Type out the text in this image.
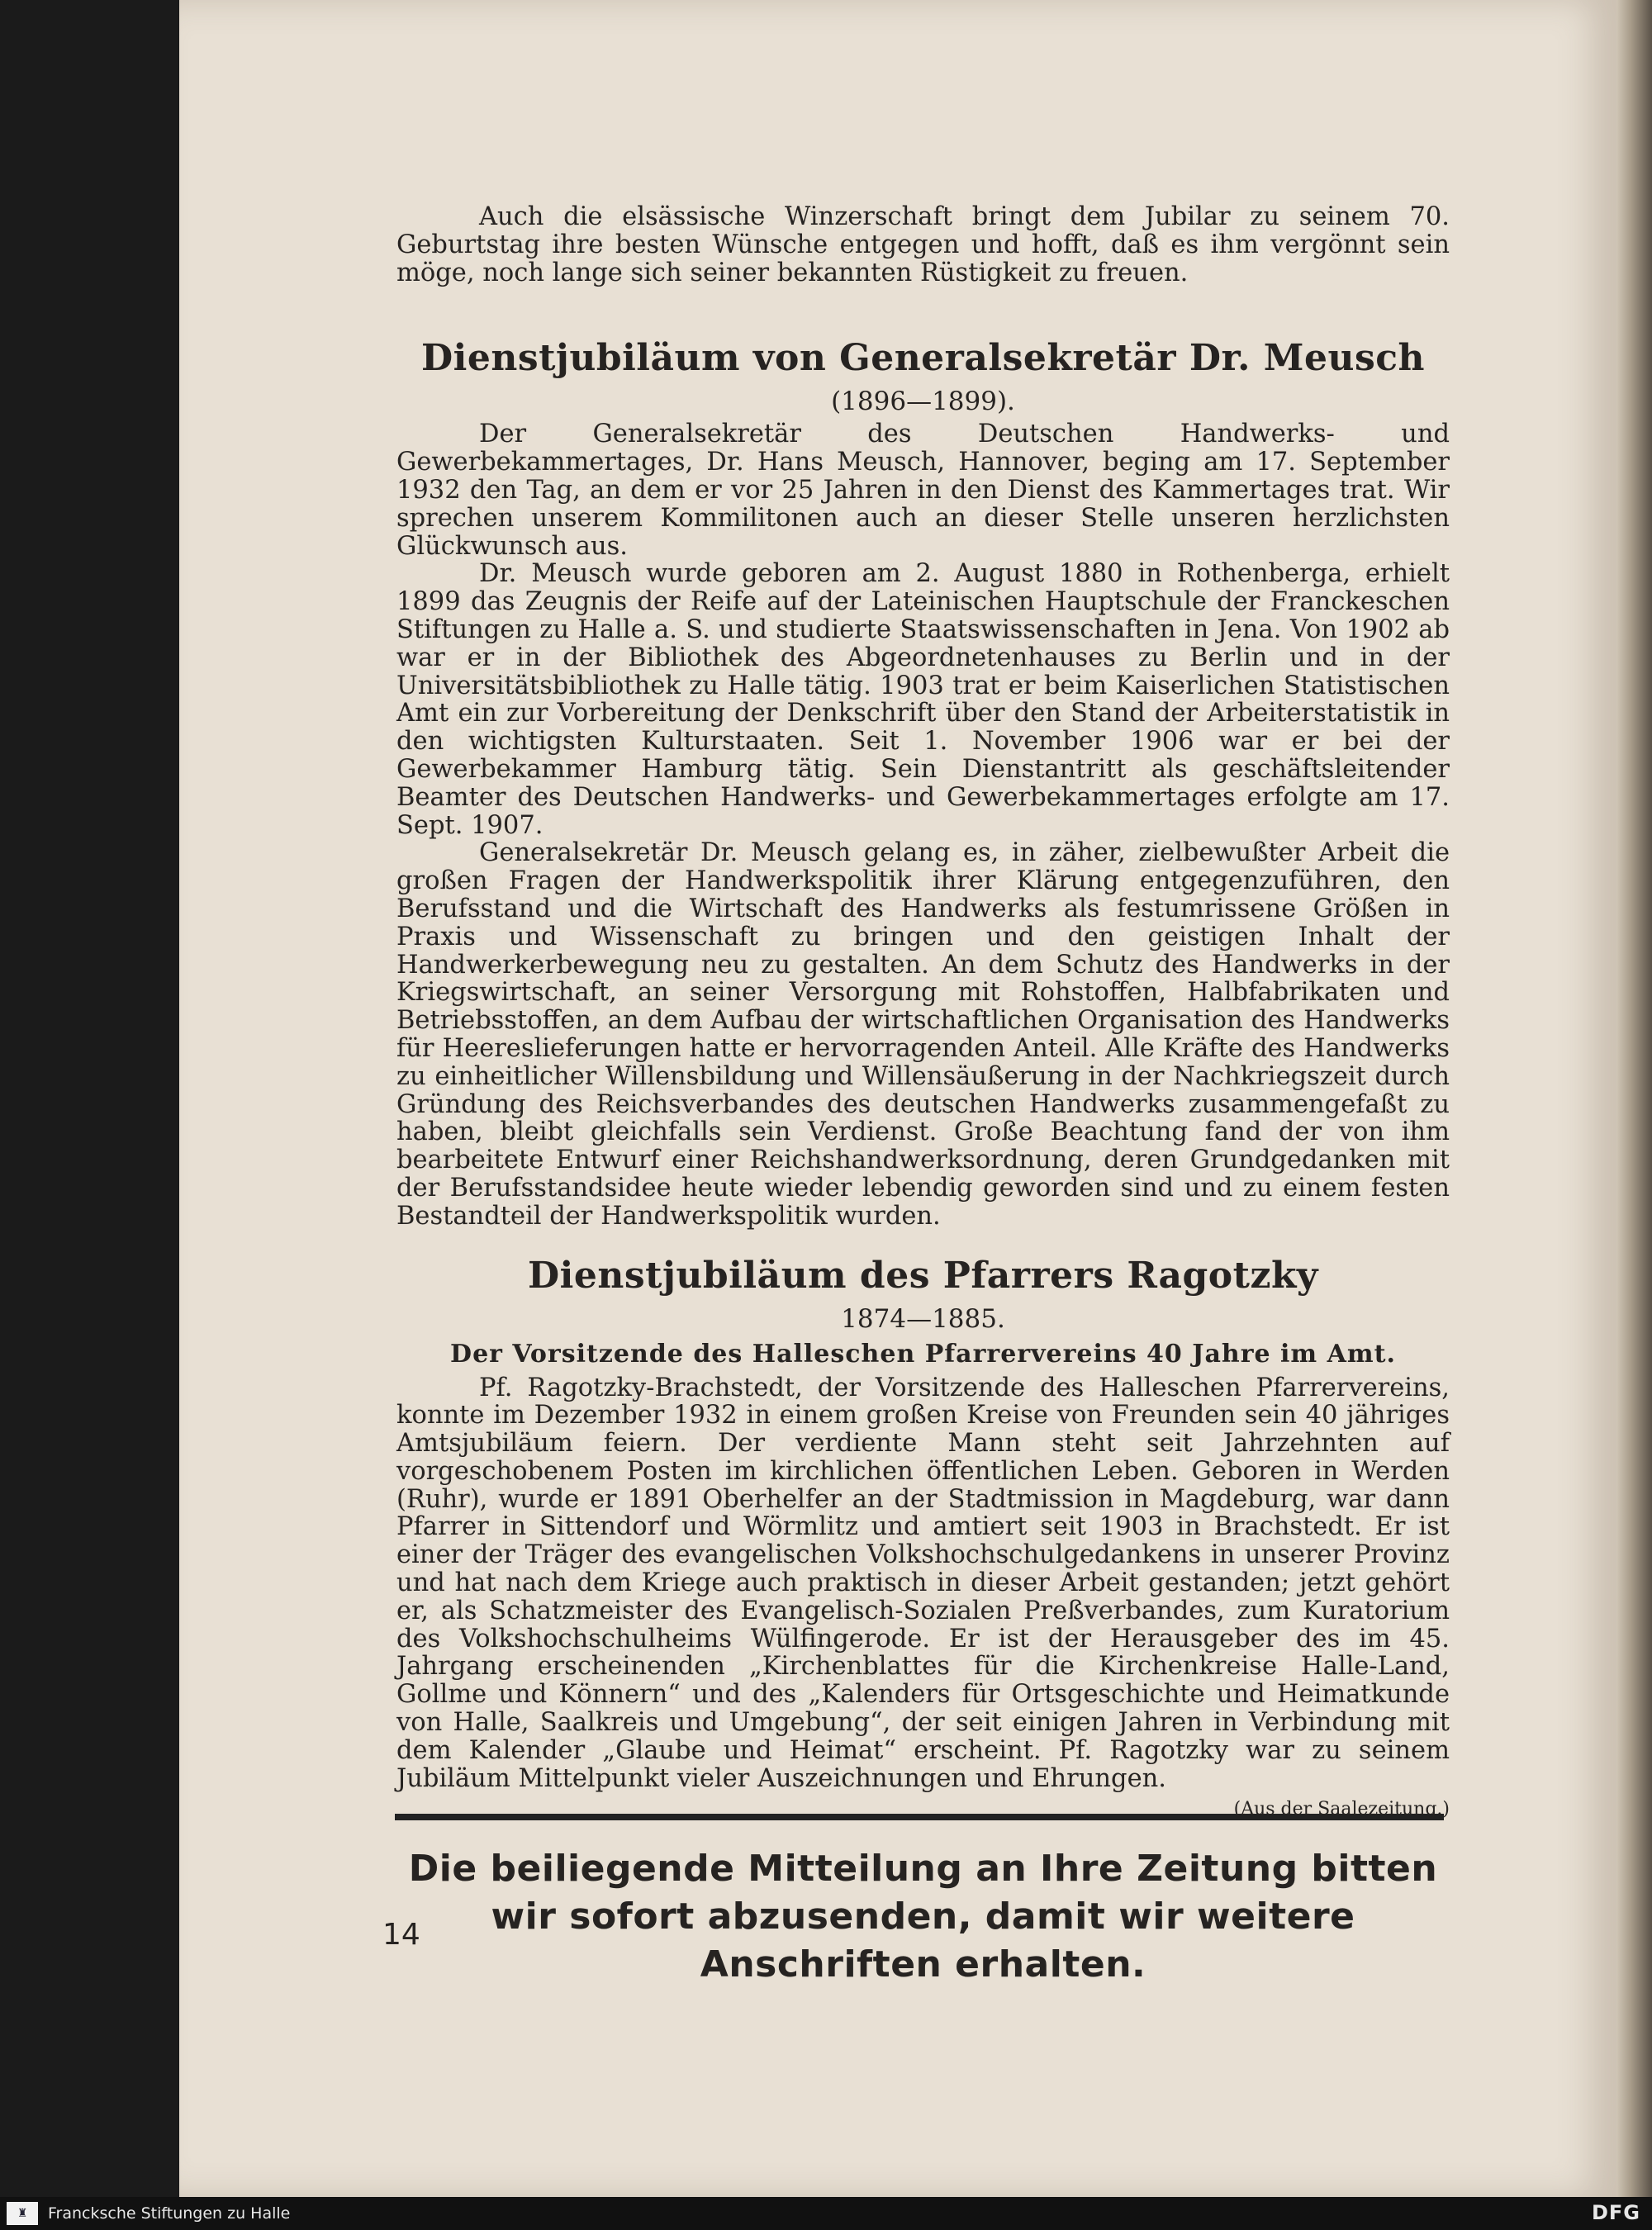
Auch die elsässische Winzerschaft bringt dem Jubilar zu seinem 70. Geburtstag ihre besten Wünsche entgegen und hofft, daß es ihm vergönnt sein möge, noch lange sich seiner bekannten Rüstigkeit zu freuen.

Dienstjubiläum von Generalsekretär Dr. Meusch
(1896—1899).

Der Generalsekretär des Deutschen Handwerks- und Gewerbekammertages, Dr. Hans Meusch, Hannover, beging am 17. September 1932 den Tag, an dem er vor 25 Jahren in den Dienst des Kammertages trat. Wir sprechen unserem Kommilitonen auch an dieser Stelle unseren herzlichsten Glückwunsch aus.

Dr. Meusch wurde geboren am 2. August 1880 in Rothenberga, erhielt 1899 das Zeugnis der Reife auf der Lateinischen Hauptschule der Franckeschen Stiftungen zu Halle a. S. und studierte Staatswissenschaften in Jena. Von 1902 ab war er in der Bibliothek des Abgeordnetenhauses zu Berlin und in der Universitätsbibliothek zu Halle tätig. 1903 trat er beim Kaiserlichen Statistischen Amt ein zur Vorbereitung der Denkschrift über den Stand der Arbeiterstatistik in den wichtigsten Kulturstaaten. Seit 1. November 1906 war er bei der Gewerbekammer Hamburg tätig. Sein Dienstantritt als geschäftsleitender Beamter des Deutschen Handwerks- und Gewerbekammertages erfolgte am 17. Sept. 1907.

Generalsekretär Dr. Meusch gelang es, in zäher, zielbewußter Arbeit die großen Fragen der Handwerkspolitik ihrer Klärung entgegenzuführen, den Berufsstand und die Wirtschaft des Handwerks als festumrissene Größen in Praxis und Wissenschaft zu bringen und den geistigen Inhalt der Handwerkerbewegung neu zu gestalten. An dem Schutz des Handwerks in der Kriegswirtschaft, an seiner Versorgung mit Rohstoffen, Halbfabrikaten und Betriebsstoffen, an dem Aufbau der wirtschaftlichen Organisation des Handwerks für Heereslieferungen hatte er hervorragenden Anteil. Alle Kräfte des Handwerks zu einheitlicher Willensbildung und Willensäußerung in der Nachkriegszeit durch Gründung des Reichsverbandes des deutschen Handwerks zusammengefaßt zu haben, bleibt gleichfalls sein Verdienst. Große Beachtung fand der von ihm bearbeitete Entwurf einer Reichshandwerksordnung, deren Grundgedanken mit der Berufsstandsidee heute wieder lebendig geworden sind und zu einem festen Bestandteil der Handwerkspolitik wurden.

Dienstjubiläum des Pfarrers Ragotzky
1874—1885.
Der Vorsitzende des Halleschen Pfarrervereins 40 Jahre im Amt.

Pf. Ragotzky-Brachstedt, der Vorsitzende des Halleschen Pfarrervereins, konnte im Dezember 1932 in einem großen Kreise von Freunden sein 40 jähriges Amtsjubiläum feiern. Der verdiente Mann steht seit Jahrzehnten auf vorgeschobenem Posten im kirchlichen öffentlichen Leben. Geboren in Werden (Ruhr), wurde er 1891 Oberhelfer an der Stadtmission in Magdeburg, war dann Pfarrer in Sittendorf und Wörmlitz und amtiert seit 1903 in Brachstedt. Er ist einer der Träger des evangelischen Volkshochschulgedankens in unserer Provinz und hat nach dem Kriege auch praktisch in dieser Arbeit gestanden; jetzt gehört er, als Schatzmeister des Evangelisch-Sozialen Preßverbandes, zum Kuratorium des Volkshochschulheims Wülfingerode. Er ist der Herausgeber des im 45. Jahrgang erscheinenden „Kirchenblattes für die Kirchenkreise Halle-Land, Gollme und Könnern“ und des „Kalenders für Ortsgeschichte und Heimatkunde von Halle, Saalkreis und Umgebung“, der seit einigen Jahren in Verbindung mit dem Kalender „Glaube und Heimat“ erscheint. Pf. Ragotzky war zu seinem Jubiläum Mittelpunkt vieler Auszeichnungen und Ehrungen.
(Aus der Saalezeitung.)

Die beiliegende Mitteilung an Ihre Zeitung bitten
wir sofort abzusenden, damit wir weitere Anschriften erhalten.
14
♜	Francksche Stiftungen zu Halle	DFG
